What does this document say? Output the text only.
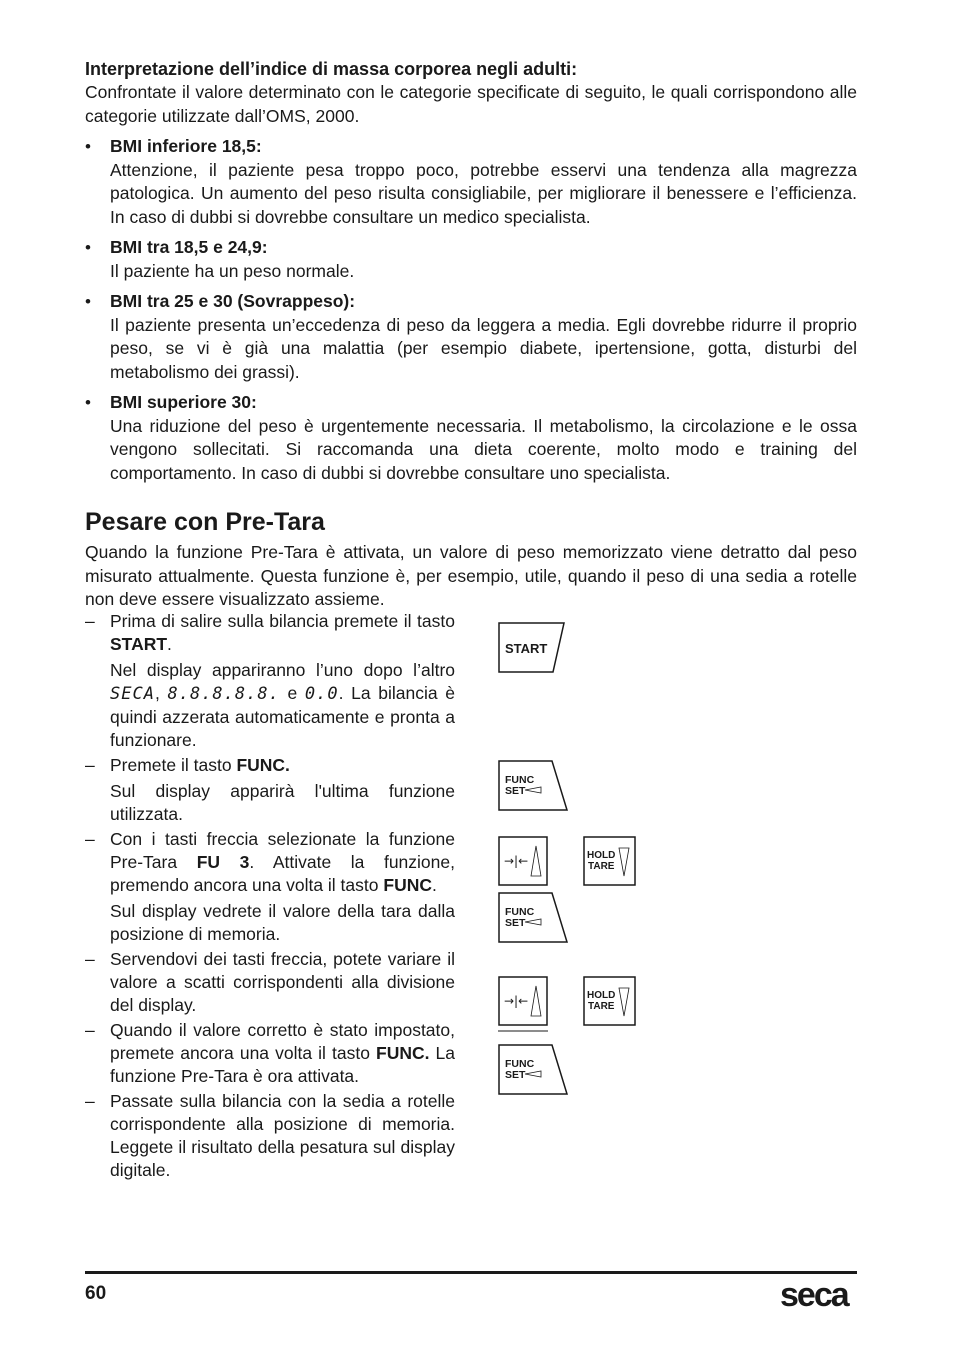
Interpretazione dell’indice di massa corporea negli adulti:

Confrontate il valore determinato con le categorie specificate di seguito, le quali corrispondono alle categorie utilizzate dall’OMS, 2000.

• BMI inferiore 18,5:

Attenzione, il paziente pesa troppo poco, potrebbe esservi una tendenza alla magrezza patologica. Un aumento del peso risulta consigliabile, per migliorare il benessere e l’efficienza. In caso di dubbi si dovrebbe consultare un medico specialista.

• BMI tra 18,5 e 24,9:

Il paziente ha un peso normale.

• BMI tra 25 e 30 (Sovrappeso):

Il paziente presenta un’eccedenza di peso da leggera a media. Egli dovrebbe ridurre il proprio peso, se vi è già una malattia (per esempio diabete, ipertensione, gotta, disturbi del metabolismo dei grassi).

• BMI superiore 30:

Una riduzione del peso è urgentemente necessaria. Il metabolismo, la circolazione e le ossa vengono sollecitati. Si raccomanda una dieta coerente, molto modo e training del comportamento. In caso di dubbi si dovrebbe consultare uno specialista.

Pesare con Pre-Tara

Quando la funzione Pre-Tara è attivata, un valore di peso memorizzato viene detratto dal peso misurato attualmente. Questa funzione è, per esempio, utile, quando il peso di una sedia a rotelle non deve essere visualizzato assieme.

– Prima di salire sulla bilancia premete il tasto START.

Nel display appariranno l’uno dopo l’altro SECA, 8.8.8.8.8. e 0.0. La bilancia è quindi azzerata automaticamente e pronta a funzionare.

– Premete il tasto FUNC.

Sul display apparirà l'ultima funzione utilizzata.

– Con i tasti freccia selezionate la funzione Pre-Tara FU 3. Attivate la funzione, premendo ancora una volta il tasto FUNC.

Sul display vedrete il valore della tara dalla posizione di memoria.

– Servendovi dei tasti freccia, potete variare il valore a scatti corrispondenti alla divisione del display.

– Quando il valore corretto è stato impostato, premete ancora una volta il tasto FUNC. La funzione Pre-Tara è ora attivata.

– Passate sulla bilancia con la sedia a rotelle corrispondente alla posizione di memoria. Leggete il risultato della pesatura sul display digitale.

START
FUNC
SET
→|←	HOLD
TARE
FUNC
SET
→|←	HOLD
TARE
FUNC
SET
60	seca
